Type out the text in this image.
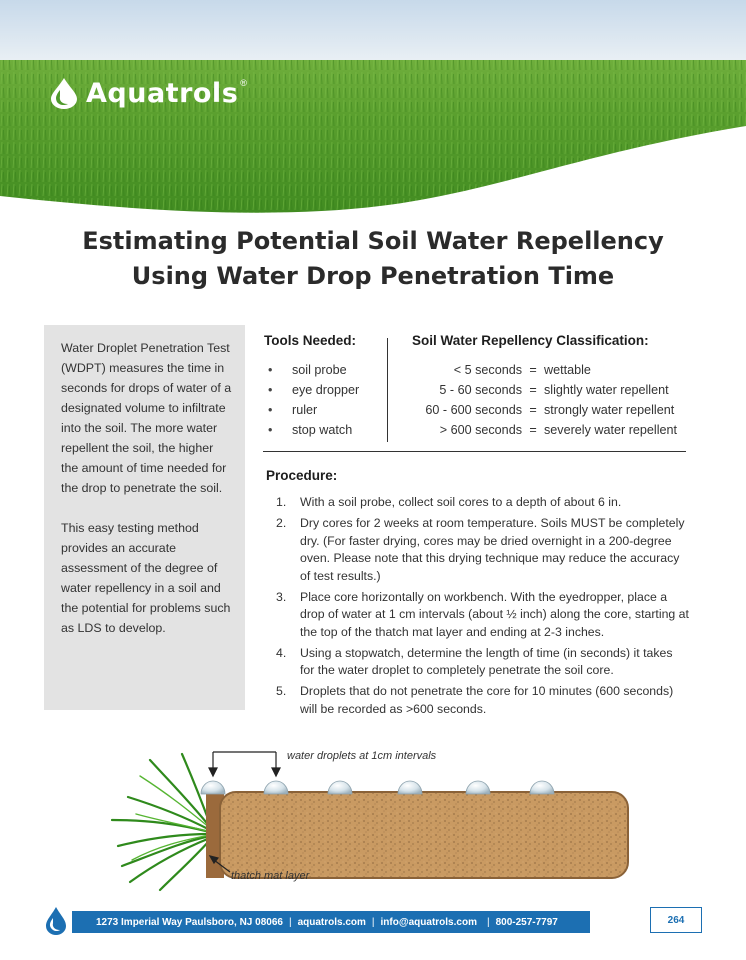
Aquatrols ®
Estimating Potential Soil Water Repellency
Using Water Drop Penetration Time

Water Droplet Penetration Test (WDPT) measures the time in seconds for drops of water of a designated volume to infiltrate into the soil. The more water repellent the soil, the higher the amount of time needed for the drop to penetrate the soil.

This easy testing method provides an accurate assessment of the degree of water repellency in a soil and the potential for problems such as LDS to develop.

Tools Needed:
•	soil probe
•	eye dropper
•	ruler
•	stop watch
Soil Water Repellency Classification:
< 5 seconds = wettable
5 - 60 seconds = slightly water repellent
60 - 600 seconds = strongly water repellent
> 600 seconds = severely water repellent
Procedure:
1.	With a soil probe, collect soil cores to a depth of about 6 in.
2.	Dry cores for 2 weeks at room temperature. Soils MUST be completely dry. (For faster drying, cores may be dried overnight in a 200-degree oven. Please note that this drying technique may reduce the accuracy of test results.)
3.	Place core horizontally on workbench. With the eyedropper, place a drop of water at 1 cm intervals (about ½ inch) along the core, starting at the top of the thatch mat layer and ending at 2-3 inches.
4.	Using a stopwatch, determine the length of time (in seconds) it takes for the water droplet to completely penetrate the soil core.
5.	Droplets that do not penetrate the core for 10 minutes (600 seconds) will be recorded as >600 seconds.
water droplets at 1cm intervals
thatch mat layer
1273 Imperial Way Paulsboro, NJ 08066 | aquatrols.com | info@aquatrols.com | 800-257-7797	264
